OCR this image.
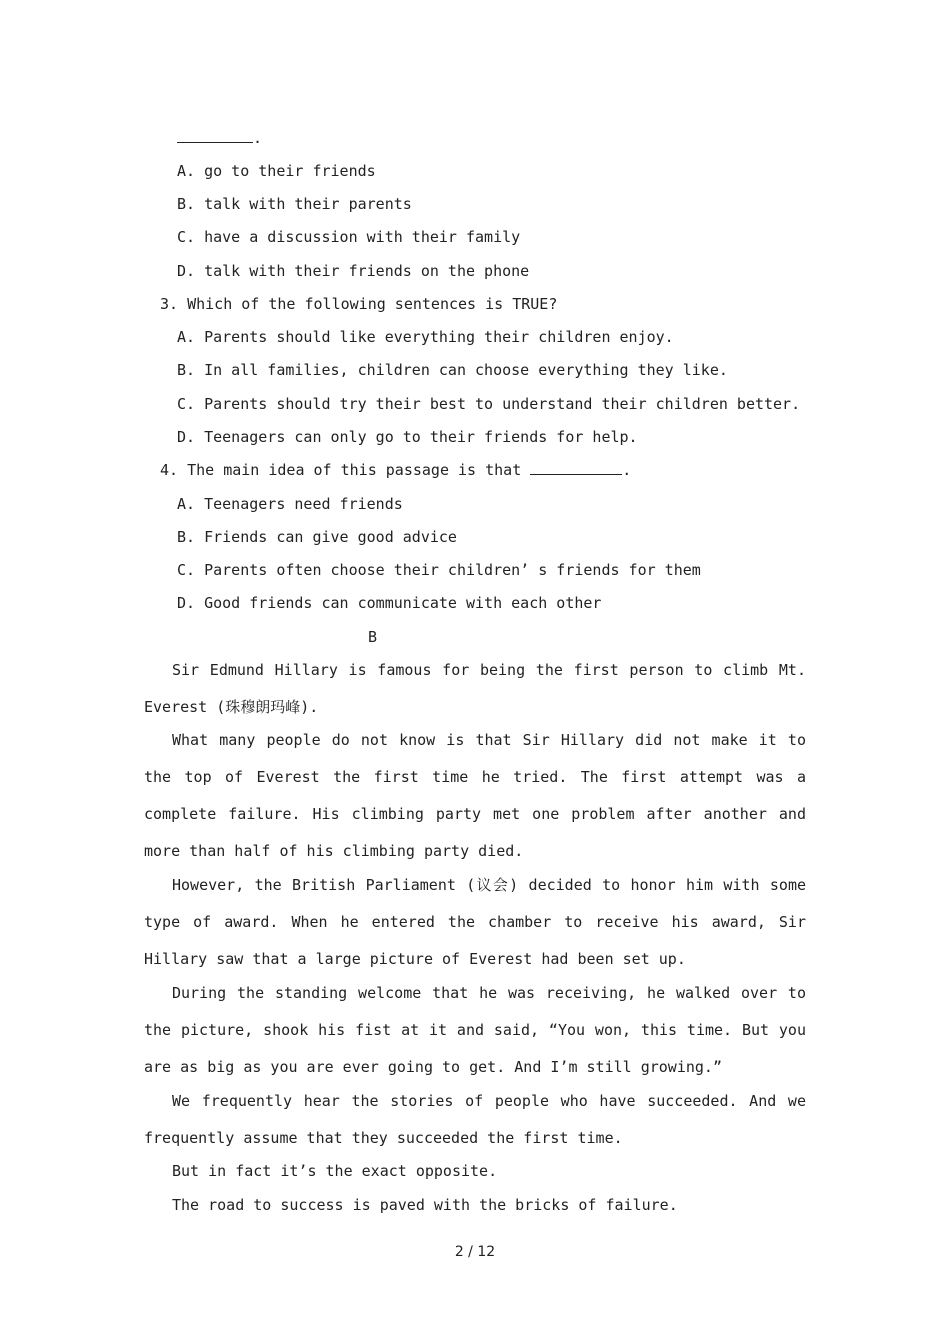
.
A. go to their friends
B. talk with their parents
C. have a discussion with their family
D. talk with their friends on the phone
3. Which of the following sentences is TRUE?
A. Parents should like everything their children enjoy.
B. In all families, children can choose everything they like.
C. Parents should try their best to understand their children better.
D. Teenagers can only go to their friends for help.
4. The main idea of this passage is that	.
A. Teenagers need friends
B. Friends can give good advice
C. Parents often choose their children’ s friends for them
D. Good friends can communicate with each other
B

Sir Edmund Hillary is famous for being the first person to climb Mt. Everest (珠穆朗玛峰).

What many people do not know is that Sir Hillary did not make it to the top of Everest the first time he tried. The first attempt was a complete failure. His climbing party met one problem after another and more than half of his climbing party died.

However, the British Parliament (议会) decided to honor him with some type of award. When he entered the chamber to receive his award, Sir Hillary saw that a large picture of Everest had been set up.

During the standing welcome that he was receiving, he walked over to the picture, shook his fist at it and said, “You won, this time. But you are as big as you are ever going to get. And I’m still growing.”

We frequently hear the stories of people who have succeeded. And we frequently assume that they succeeded the first time.

But in fact it’s the exact opposite.

The road to success is paved with the bricks of failure.

2 / 12
